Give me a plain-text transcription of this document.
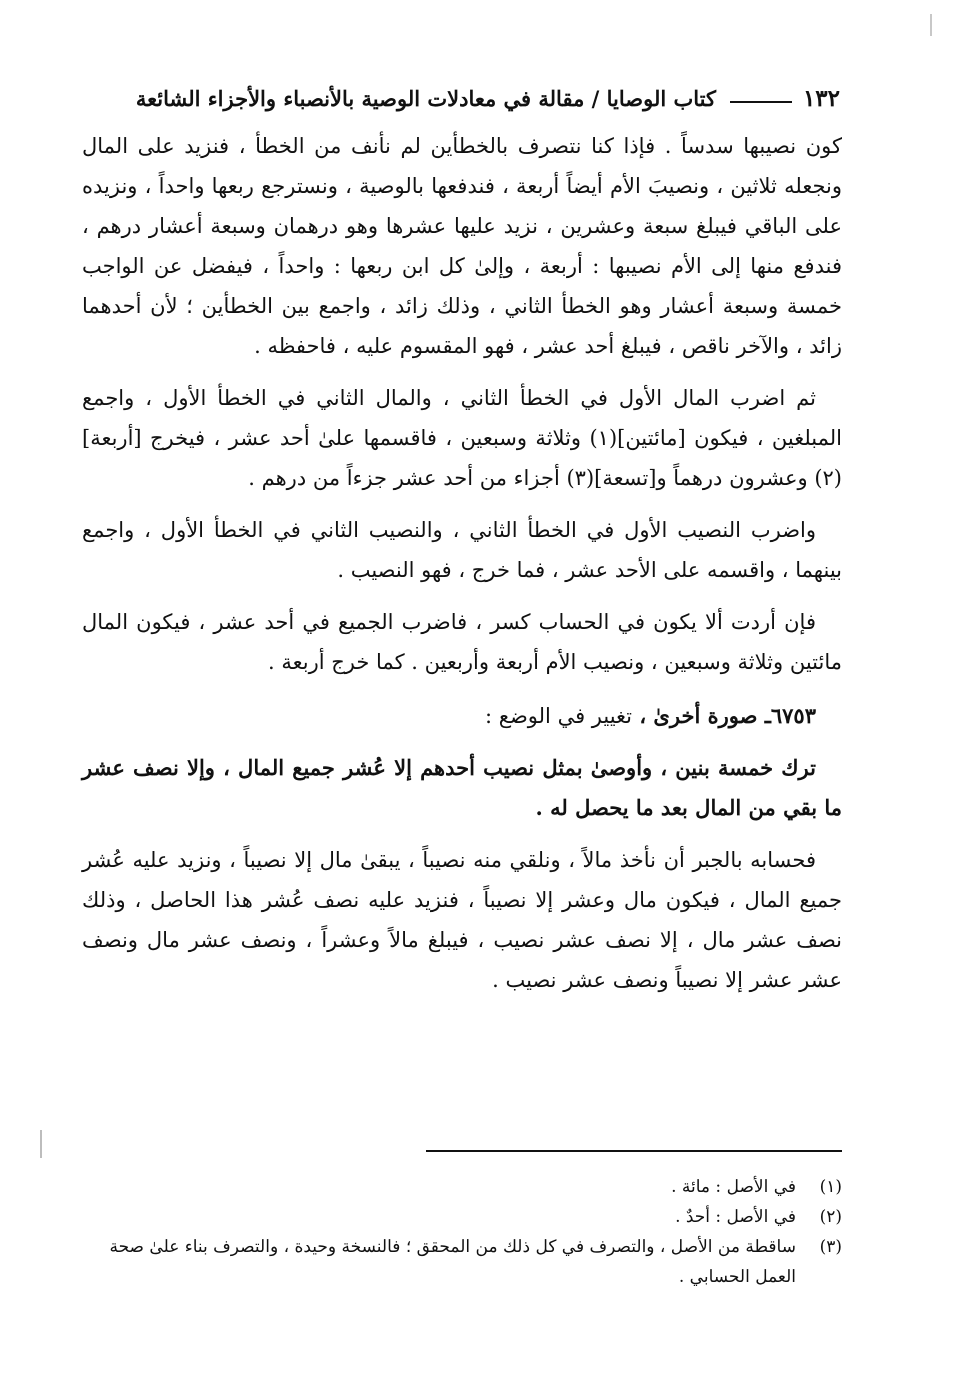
١٣٢
كتاب الوصايا / مقالة في معادلات الوصية بالأنصباء والأجزاء الشائعة

كون نصيبها سدساً . فإذا كنا نتصرف بالخطأين لم نأنف من الخطأ ، فنزيد على المال ونجعله ثلاثين ، ونصيبَ الأم أيضاً أربعة ، فندفعها بالوصية ، ونسترجع ربعها واحداً ، ونزيده على الباقي فيبلغ سبعة وعشرين ، نزيد عليها عشرها وهو درهمان وسبعة أعشار درهم ، فندفع منها إلى الأم نصيبها : أربعة ، وإلىٰ كل ابن ربعها : واحداً ، فيفضل عن الواجب خمسة وسبعة أعشار وهو الخطأ الثاني ، وذلك زائد ، واجمع بين الخطأين ؛ لأن أحدهما زائد ، والآخر ناقص ، فيبلغ أحد عشر ، فهو المقسوم عليه ، فاحفظه .

ثم اضرب المال الأول في الخطأ الثاني ، والمال الثاني في الخطأ الأول ، واجمع المبلغين ، فيكون [مائتين](١) وثلاثة وسبعين ، فاقسمها علىٰ أحد عشر ، فيخرج [أربعة](٢) وعشرون درهماً و[تسعة](٣) أجزاء من أحد عشر جزءاً من درهم .

واضرب النصيب الأول في الخطأ الثاني ، والنصيب الثاني في الخطأ الأول ، واجمع بينهما ، واقسمه على الأحد عشر ، فما خرج ، فهو النصيب .

فإن أردت ألا يكون في الحساب كسر ، فاضرب الجميع في أحد عشر ، فيكون المال مائتين وثلاثة وسبعين ، ونصيب الأم أربعة وأربعين . كما خرج أربعة .

٦٧٥٣ـ صورة أخرىٰ ، تغيير في الوضع :

ترك خمسة بنين ، وأوصىٰ بمثل نصيب أحدهم إلا عُشر جميع المال ، وإلا نصف عشر ما بقي من المال بعد ما يحصل له .

فحسابه بالجبر أن نأخذ مالاً ، ونلقي منه نصيباً ، يبقىٰ مال إلا نصيباً ، ونزيد عليه عُشر جميع المال ، فيكون مال وعشر إلا نصيباً ، فنزيد عليه نصف عُشر هذا الحاصل ، وذلك نصف عشر مال ، إلا نصف عشر نصيب ، فيبلغ مالاً وعشراً ، ونصف عشر مال ونصف عشر عشر إلا نصيباً ونصف عشر نصيب .

(١)
في الأصل : مائة .
(٢)
في الأصل : أحدٌ .
(٣)
ساقطة من الأصل ، والتصرف في كل ذلك من المحقق ؛ فالنسخة وحيدة ، والتصرف بناء علىٰ صحة العمل الحسابي .
